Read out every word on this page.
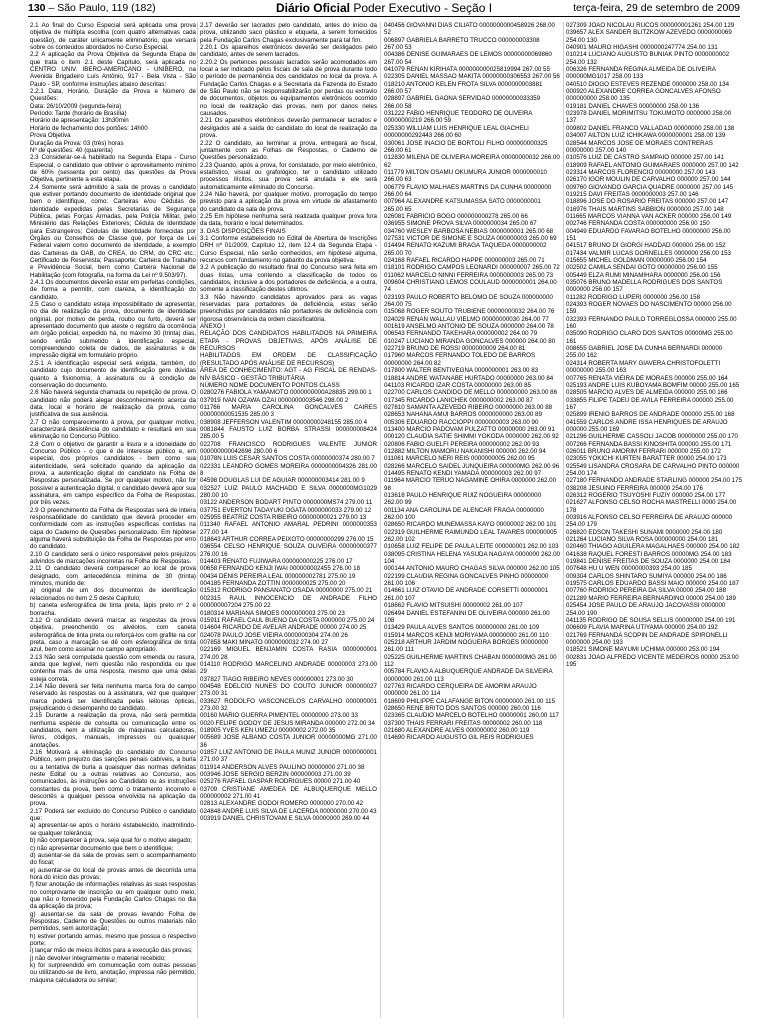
130 – São Paulo, 119 (182)	Diário Oficial Poder Executivo - Seção I	terça-feira, 29 de setembro de 2009

2.1 Ao final do Curso Especial será aplicada uma prova objetiva de múltipla escolha (com quatro alternativas cada questão), de caráter unicamente eliminatório, que versará sobre os conteúdos abordados no Curso Especial.

2.2 A aplicação da Prova Objetiva da Segunda Etapa de que trata o item 2.1 deste Capítulo, será aplicada no CENTRO UNIV. IBERO-AMERICANO - UNIBERO, na Avenida Brigadeiro Luís Antônio, 917 - Bela Vista - São Paulo - SP, conforme instruções abaixo descritas:

2.2.1 Data, Horário, Duração da Prova e Número de Questões:

Data: 26/10/2009 (segunda-feira)

Período: Tarde (horário de Brasília)

Horário de apresentação: 13h30min

Horário de fechamento dos portões: 14h00

Prova Objetiva

Duração da Prova: 03 (três) horas

Nº de questões: 40 (quarenta)

2.3 Considerar-se-á habilitado na Segunda Etapa - Curso Especial, o candidato que obtiver o aproveitamento mínimo de 60% (sessenta por cento) das questões da Prova Objetiva, pertinente a esta etapa.

2.4 Somente será admitido à sala de provas o candidato que estiver portando documento de identidade original que bem o identifique, como: Carteiras e/ou Cédulas de Identidade expedidas pelas Secretarias de Segurança Pública, pelas Forças Armadas, pela Polícia Militar, pelo Ministério das Relações Exteriores; Cédula de Identidade para Estrangeiros; Cédulas de Identidade fornecidas por Órgãos ou Conselhos de Classe que, por força de Lei Federal valem como documento de identidade, a exemplo das Carteiras da OAB, do CREA, do CRM, do CRC etc.; Certificado de Reservista; Passaporte; Carteira de Trabalho e Previdência Social, bem como Carteira Nacional de Habilitação (com fotografia, na forma da Lei nº 9.503/97).

2.4.1 Os documentos deverão estar em perfeitas condições, de forma a permitir, com clareza, a identificação do candidato.

2.5 Caso o candidato esteja impossibilitado de apresentar, no dia de realização da prova, documento de identidade original, por motivo de perda, roubo ou furto, deverá ser apresentado documento que ateste o registro da ocorrência em órgão policial, expedido há, no máximo 30 (trinta) dias, sendo então submetido à identificação especial, compreendendo coleta de dados, de assinaturas e de impressão digital em formulário próprio.

2.5.1 A identificação especial será exigida, também, do candidato cujo documento de identificação gere dúvidas quanto à fisionomia, à assinatura ou à condição de conservação do documento.

2.6 Não haverá segunda chamada ou repetição de prova. O candidato não poderá alegar desconhecimento acerca da data, local e horário de realização da prova, como justificativa de sua ausência.

2.7 O não comparecimento à prova, por qualquer motivo, caracterizará desistência do candidato e resultará em sua eliminação no Concurso Público.

2.8 Com o objetivo de garantir a lisura e a idoneidade do Concurso Público - o que é de interesse público e, em especial, dos próprios candidatos - bem como sua autenticidade, será solicitado quando da aplicação da prova, a autenticação digital do candidato na Folha de Respostas personalizada. Se por qualquer motivo, não for possível a autenticação digital, o candidato deverá apor sua assinatura, em campo específico da Folha de Respostas, por três vezes.

2.9 O preenchimento da Folha de Respostas será de inteira responsabilidade do candidato que deverá proceder em conformidade com as instruções específicas contidas na capa do Caderno de Questões personalizado. Em hipótese alguma haverá substituição da Folha de Respostas por erro do candidato.

2.10 O candidato será o único responsável pelos prejuízos advindos de marcações incorretas na Folha de Respostas.

2.11 O candidato deverá comparecer ao local de prova designado, com antecedência mínima de 30 (trinta) minutos, munido de:

a) original de um dos documentos de identificação relacionados no item 2.5 deste Capítulo;

b) caneta esferográfica de tinta preta, lápis preto nº 2 e borracha.

2.12 O candidato deverá marcar as respostas da prova objetiva, preenchendo os alvéolos, com caneta esferográfica de tinta preta ou reforçá-los com grafite na cor preta, caso a marcação se dê com esferográfica de tinta azul, bem como assinar no campo apropriado.

2.13 Não será computada questão com emenda ou rasura, ainda que legível, nem questão não respondida ou que contenha mais de uma resposta, mesmo que uma delas esteja correta.

2.14 Não deverá ser feita nenhuma marca fora do campo reservado às respostas ou à assinatura, vez que qualquer marca poderá ser identificada pelas leitoras ópticas, prejudicando o desempenho do candidato.

2.15 Durante a realização da prova, não será permitida nenhuma espécie de consulta ou comunicação entre os candidatos, nem a utilização de máquinas calculadoras, livros, códigos, manuais, impressos ou quaisquer anotações.

2.16 Motivará a eliminação do candidato do Concurso Público, sem prejuízo das sanções penais cabíveis, a burla ou a tentativa de burla a quaisquer das normas definidas neste Edital ou a outras relativas ao Concurso, aos comunicados, às instruções ao Candidato ou às instruções constantes da prova, bem como o tratamento incorreto e descortês a qualquer pessoa envolvida na aplicação da prova.

2.17 Poderá ser excluído do Concurso Público o candidato que:

a) apresentar-se após o horário estabelecido, inadmitindo-se qualquer tolerância;

b) não comparecer à prova, seja qual for o motivo alegado;

c) não apresentar documento que bem o identifique;

d) ausentar-se da sala de provas sem o acompanhamento do fiscal;

e) ausentar-se do local de provas antes de decorrida uma hora do início das provas;

f) fizer anotação de informações relativas às suas respostas no comprovante de inscrição ou em qualquer outro meio, que não o fornecido pela Fundação Carlos Chagas no dia da aplicação da prova;

g) ausentar-se da sala de provas levando Folha de Respostas, Caderno de Questões ou outros materiais não permitidos, sem autorização;

h) estiver portando armas, mesmo que possua o respectivo porte;

i) lançar mão de meios ilícitos para a execução das provas;

j) não devolver integralmente o material recebido;

k) for surpreendido em comunicação com outras pessoas ou utilizando-se de livro, anotação, impressa não permitido, máquina calculadora ou similar;

2.17 deverão ser lacrados pelo candidato, antes do início da prova, utilizando saco plástico e etiqueta, a serem fornecidos pela Fundação Carlos Chagas exclusivamente para tal fim.

2.20.1 Os aparelhos eletrônicos deverão ser desligados pelo candidato, antes de serem lacrados.

2.20.2 Os pertences pessoais lacrados serão acomodados em local a ser indicado pelos fiscais de sala de prova durante todo o período de permanência dos candidatos no local da prova. A Fundação Carlos Chagas e a Secretaria da Fazenda do Estado de São Paulo não se responsabilizarão por perdas ou extravio de documentos, objetos ou equipamentos eletrônicos ocorrido no local de realização das provas, nem por danos neles causados.

2.21 Os aparelhos eletrônicos deverão permanecer lacrados e desligados até a saída do candidato do local de realização da prova.

2.22 O candidato, ao terminar a prova, entregará ao fiscal, juntamente com as Folhas de Respostas, o Caderno de Questões personalizado.

2.23 Quando, após a prova, for constatado, por meio eletrônico, estatístico, visual ou grafológico, ter o candidato utilizado processos ilícitos, sua prova será anulada e ele será automaticamente eliminado do Concurso.

2.24 Não haverá, por qualquer motivo, prorrogação do tempo previsto para a aplicação da prova em virtude de afastamento do candidato da sala de prova.

2.25 Em hipótese nenhuma será realizada qualquer prova fora da data, horário e local determinados.

3. DAS DISPOSIÇÕES FINAIS

3.1 Conforme estabelecido no Edital de Abertura de Inscrições DRH nº 01/2009, Capítulo 12, item 12.4 da Segunda Etapa - Curso Especial, não serão conhecidos, em hipótese alguma, recursos com fundamento no gabarito da prova objetiva.

3.2 A publicação do resultado final do Concurso será feita em duas listas, uma contendo a classificação de todos os candidatos, inclusive a dos portadores de deficiência, e a outra, somente a classificação destes últimos.

3.3 Não havendo candidatos aprovados para as vagas reservadas para portadores de deficiência, estas serão preenchidas por candidatos não portadores de deficiência com rigorosa observância da ordem classificatória.

ANEXO I

RELAÇÃO DOS CANDIDATOS HABILITADOS NA PRIMEIRA ETAPA - PROVAS OBJETIVAS, APÓS ANÁLISE DE RECURSOS

HABILITADOS EM ORDEM DE CLASSIFICAÇÃO (RESULTADO APÓS ANÁLISE DE RECURSOS)

ÁREA DE CONHECIMENTO: AGT - AG FISCAL DE RENDAS-NÍV BÁSICO - GESTÃO TRIBUTÁRIA

NÚMERO NOME DOCUMENTO PONTOS CLASS

0280276 FABIOLA YAMAMOTO 0000000000A28835 299.00 1

037919 IVAN OZAWA OZAI 0000000003546 298.00 2

011766 MARIA CAROLINA GONCALVES CAIRES 00000000051535 285.00 3

038908 JEFFERSON VALENTIM 00000000248155 285.00 4

0081844 FAUSTO LUIZ BORBA STRASSI 000000008424 285.00 5

022708 FRANCISCO RODRIGUES VALENTE JUNIOR 000000000042696 280.00 6

01078N LUIS CESAR SANTOS COSTA 00000000374 280.00 7

022331 LEANDRO GOMES MOREIRA 0000000004326 281.00 8

04598 DOUGLAS LUI DE AGUIAR 000000003414 281.00 9

032527 LUIZ PAULO MACHADO E SILVA 0000000MG1029 280.00 10

03122 ANDERSON BODART PINTO 0000000MS74 279.00 11

037751 EVERTON TADAYUKI OGATA 0000000033 279.00 12

025955 BEATRIZ COSTA RIBEIRO 00000000021 279.00 13

011340 RAFAEL ANTONIO AMARAL PEDRINI 0000000353 277.00 14

018643 ARTHUR CORREA PEIXOTO 00000000299 276.00 15

036554 CELSO HENRIQUE SOUZA OLIVEIRA 00000000377 276.00 16

014403 RENATO FUJIWARA 000000000225 276.00 17

00658 FERNANDO KENJI IWAI 000000002455 276.00 18

00434 DENIS PEREIRA LEAL 000000002781 275.00 19

004185 FERNANDA ZOTTIN 0000000025 275.00 20

015312 RODRIGO PANSANATO OSADA 00000000 275.00 21

002315 RAUL INNOCENCIO DE ANDRADE FILHO 000000007204 275.00 22

0180314 MARIANA SIMOES 0000000003 275.00 23

015911 RAFAEL CAUL BUENO DA COSTA 0000000 275.00 24

014604 RICARDO DE AVELAR ANDRADE 00000 274.00 25

024078 PAULO JOSE VIEIRA 0000000304 274.00 26

007858 MAKI MINATO 0000000032 274.00 27

022169 MIGUEL BENJAMIN COSTA RASIA 0000000001 274.00 28

014110 RODRIGO MARCELINO ANDRADE 00000003 273.00 29

037827 TIAGO RIBEIRO NEVES 000000001 273.00 30

004548 EDELCIO NUNES DO COUTO JUNIOR 000000027 273.00 31

033627 RODOLFO VASCONCELOS CARVALHO 000000001 273.00 32

00160 MARIO GUERRA PIMENTEL 00000000 273.00 33

0020 FELIPE GODOY DE JESUS MIRANDA 000000 272.00 34

018905 YVES KEN UMEZU 00000002 272.00 35

005689 JOSE ALBANO COSTA JUNIOR 00000000MG 271.00 36

01857 LUIZ ANTONIO DE PAULA MUNIZ JUNIOR 0000000001 271.00 37

011914 ANDERSON ALVES PAULINO 00000000 271.00 38

003946 JOSE SERGIO BERZIN 000000003 271.00 39

025276 RAFAEL GASPAR RODRIGUES 00000 271.00 40

03709 CRISTIANE AMEDEA DE ALBUQUERQUE MELLO 000000002 271.00 41

02813 ALEXANDRE GODOI ROMERO 0000000 270.00 42

024848 ANDRE LUIS SILVA DE LACERDA 00000000 270.00 43

003919 DANIEL CHRISTOVAM E SILVA 00000000 269.00 44

040456 GIOVANNI DIAS CILIATO 0000000000458926 268.00 52

006897 GABRIELA BARRETO TRUCCO 000000003308 267.00 53

004386 DENISE GUIMARAES DE LEMOS 00000000069860 267.00 54

041079 RENAN KIRIHATA 000000000025819994 267.00 55

022305 DANIEL MASSAO MAKITA 00000000306553 267.00 56

018210 ANTONIO KELEN FROTA SILVA 0000000003881 266.00 57

028897 GABRIEL GAONA SERVIDAO 00000000033359 266.00 58

031222 FABIO HENRIQUE TEODORO DE OLIVEIRA 00000000219 266.00 59

025330 WILLIAM LUIS HENRIQUE LEAL GIACHELI 00000000292443 266.00 60

030061 JOSE INACIO DE BORTOLI FILHO 000000000325 266.00 61

012830 MILENA DE OLIVEIRA MOREIRA 00000000032 266.00 62

011779 MILTON OSAMU OKUMURA JUNIOR 0000000010 266.00 63

006779 FLAVIO MALHAES MARTINS DA CUNHA 00000000 266.00 64

007964 ALEXANDRE KATSUMASSA SATO 0000000001 265.00 65

026081 FABRICIO BOGO 000000000278 265.00 66

036955 SIMONE PROVA SILVA 0000000034 265.00 67

034760 WESLEY BARBOSA NEBIAS 0000000001 265.00 68

027531 VICTOR DE SIMONE E SOUZA 000000003 265.00 69

014494 RENATO KAZUMI BRAGA TAQUEDA 0000000002 265.00 70

024168 RAFAEL RICARDO HAPPE 000000003 265.00 71

018101 RODRIGO CAMPOS LEONARDI 000000007 265.00 72

011062 MARCELO NINNI FERREIRA 0000000003 265.00 73

009604 CHRISTIANO LEMOS COULAUD 0000000001 264.00 74

023193 PAULO ROBERTO BELOMO DE SOUZA 000000000 264.00 75

015068 ROGER SOUTO TRUBIENE 00000000032 264.00 76

024029 RENAN WALLAU VIELMO 00000000030 264.00 77

001619 ANSELMO ANTONIO DE SOUZA 0000000 264.00 78

006543 FERNANDO TAKEHARA 000000002 264.00 79

010247 LUCIANO MIRANDA GONCALVES 000000 264.00 80

022719 BRUNO DE ROSSI 0000000009 264.00 81

017960 MARCOS FERNANDO TOLEDO DE BARROS 00000000 264.00 82

017800 WALTER BENTIVEGNA 0000000001 263.00 83

018814 ANDRE WATANABE HURTADO 00000000 263.00 84

041103 RICARDO IZAR COSTA 00000000 263.00 85

022700 CARLOS CANDIDO DE MELLO 000000000 263.00 86

017345 RICARDO LANICHEK 0000000002 263.00 87

027810 SAMANTA AZEVEDO RIBEIRO 00000000 263.00 88

028653 NAHANA AMUI BARROS 0000000000 263.00 89

005306 EDUARDO RACCIOPPI 0000000003 263.00 90

013400 MARCIO PADOVAM PULZATTO 00000000 263.00 91

000120 CLAUDIA SATIE SHIMMI YOKODA 0000000 262.00 92

020806 FABIO GUELFI PEREIRA 000000002 262.00 93

012882 MILTON MAMORU NAKANISHI 000000 262.00 94

011061 MARCELO NERI REIS 0000000005 262.00 95

028266 MARCELO SAIDEL JUNQUEIRA 000000MG 262.00 96

014495 RENATO KENDI YAMADA 000000003 262.00 97

011964 MARCIO TERUO NAGAMINE OHIRA 0000000 262.00 98

013618 PAULO HENRIQUE RUIZ NOGUEIRA 00000000 262.00 99

001134 ANA CAROLINA DE ALENCAR FRAGA 00000000 262.00 100

028650 RICARDO MUNEMASSA KAYO 00000002 262.00 101

022319 GUILHERME RAIMUNDO LEAL TAVARES 000000005 262.00 102

010658 LUIZ FELIPE DE PAULA LEITE 000000001 262.00 103

038095 CRISTINA HELENA YASUDA NAGAYA 0000000 262.00 104

000144 ANTONIO MAURO CHAGAS SILVA 000000 262.00 105

022199 CLAUDIA REGINA GONCALVES PINHO 00000000 261.00 106

014661 LUIZ OTAVIO DE ANDRADE CORSETTI 00000001 261.00 107

018662 FLAVIO MITSUISHI 00000002 261.00 107

026494 DANIEL ESTEFANINI DE OLIVEIRA 000000 261.00 108

013429 PAULA ALVES SANTOS 000000000 261.00 109

015914 MARCOS KENJI MORIYAMA 00000000 261.00 110

025218 ARTHUR JARDIM NOGUEIRA BORGES 00000000 261.00 111

025225 GUILHERME MARTINS CHABAN 0000000MG 261.00 112

005784 FLAVIO A ALBUQUERQUE ANDRADE DA SILVEIRA 00000000 261.00 113

027763 RICARDO CERQUEIRA DE AMORIM ARAUJO 0000000 261.00 114

018609 PHILIPPE CALAFANGE BITON 00000000 261.00 115

028650 RENE BRITO DOS SANTOS 000000 260.00 116

023365 CLAUDIO MARCELO BOTELHO 00000001 260.00 117

037300 THAIS FERRARI FREITAS 00000002 260.00 118

021680 ALEXANDRE ALVES 000000002 260.00 119

014690 RICARDO AUGUSTO GIL REIS RODRIGUES

027309 JOAO NICOLAU RUCOS 000000001261 254.00 129

039657 ALEX SANDER BLITZKOW AZEVEDO 0000000069 254.00 130

040901 MAURO HIGASHI 0000000247774 254.00 131

010214 LUCIANO AUGUSTO BUNIAK PINTO 0000000002 254.00 132

006326 FERNANDA REGINA ALMEIDA DE OLIVEIRA 000000MG1017 258.00 133

040510 DIOGO ESTEVES REZENDE 0000000 258.00 134

000920 ALEXANDRE CORREA GONCALVES AFONSO 000000000 258.00 135

019181 DANIEL CHAVES 00000000 258.00 136

023978 DANIEL MORIMITSU TOKUMOTO 0000000 258.00 137

009802 DANIEL FRANCO VALLADAO 00000000 258.00 138

034007 AILTON LUIZ ICHIKAWA 0000000001 258.00 139

028544 MARCOS JOSE DE MORAES CONTRERAS 00000000 257.00 140

010576 LUIZ DE CASTRO SAMPAIO 000000 257.00 141

018909 RAFAEL ANTONIO GUIMARAES 0000000 257.00 142

023314 MARCOS FLORENCIO 00000000 257.00 143

026170 IGOR MOULIN DE CARVALHO 000000 257.00 144

009760 GIOVANDO GARCIA QUADRE 0000000 257.00 145

019215 DAVI FREITAS 0000000003 257.00 146

018896 JOSE DO ROSARIO FREITAS 000000 257.00 147

016976 THAIS MARTINS SABBION 0000000 257.00 148

011665 MARCOS VIANNA VAN ACKER 000000 256.00 149

002746 FERNANDA COSTA 000000000 256.00 150

004949 EDUARDO FAVARAO BOTELHO 00000000 256.00 151

041517 BRUNO DI GIORGI HADDAD 000000 256.00 152

017434 VALMIR LUCAS DORNELLES 0000000 256.00 153

015655 MICHEL GOLDMAN 00000000 256.00 154

002502 CAMILA SENDAI GOTO 00000000 256.00 155

005449 ELZA RUMI MINAMIHARA 0000000 256.00 156

035076 BRUNO MADELLA RODRIGUES DOS SANTOS 0000000 256.00 157

011282 RODRIGO LUPERI 0000000 256.00 158

024393 ROGER NOVAES DO NASCIMENTO 00000 256.00 159

032393 FERNANDO PAULO TORREGLOSSA 000000 255.00 160

035090 RODRIGO CLARO DOS SANTOS 00000MG 255.00 161

008655 GABRIEL JOSE DA CUNHA BERNARDI 000000 255.00 162

024314 ROBERTA MARY GIAVERA CHRISTOFOLETTI 00000000 255.00 163

007765 RENATA VIEIRA DE MORAES 000000 255.00 164

025193 ANDRE LUIS KUBOYAMA BOMFIM 00000 255.00 165

028505 MARCIO ALVES DE ALMEIDA 000000 255.00 166

033855 FILIPE TADEU DE AVILA FERREIRA 000000 255.00 167

025899 IRENIO BARROS DE ANDRADE 000000 255.00 168

041559 CARLOS ANDRE ISSA HENRIQUES DE ARAUJO 000000 255.00 169

021296 GUILHERME CASSOLI JACOB 00000000 255.00 170

007266 FERNANDA BASSI KINOSHITA 000000 255.00 171

026011 BRUNO AMORIM FERRARI 000000 255.00 172

023055 YOKICHI KURTEN BARATTER 00000 254.00 173

025549 LISANDRA CROSARA DE CARVALHO PINTO 000000 254.00 174

027180 FERNANDO ANDRADE STARLING 000000 254.00 175

038208 JESUINO FERREIRA 000000 254.00 176

026312 ROGERIO TSUYOSHI FUZIY 000000 254.00 177

021627 ALFONSO CELSO ROCHA MASTRELLI 0000 254.00 178

003916 ALFONSO CELSO FERREIRA DE ARAUJO 000000 254.00 179

026820 EDSON TAKESHI SUNAMI 0000000 254.00 180

021264 LUCIANO SILVA ROSA 000000000 254.00 181

020460 THIAGO AGUILERA MAGALHAES 000000 254.00 182

041638 RAQUEL FORESTI BARROS 00000MG 254.00 183

019841 DENISE FREITAS DE SOUZA 0000000 254.00 184

007648 HU U WEN 00000000393 254.00 185

009304 CARLOS SHINTARO SUMIYA 000000 254.00 186

019575 CARLOS EDUARDO BASSI MAIO 000000 254.00 187

007760 RODRIGO PEREIRA DA SILVA 00000 254.00 188

021289 MARIO FERREIRA BERNARDINO 00000 254.00 189

025454 JOSE PAULO DE ARAUJO JACOVASSI 0000000 254.00 190

041135 RODRIGO DE SOUSA SELLIS 00000000 254.00 191

006609 FLAVIA MARINA UTIYAMA 000000 254.00 192

021769 FERNANDA SCOPIN DE ANDRADE SPIRONELLI 0000000 254.00 193

018521 SIMONE MAYUMI UCHIMA 000000 253.00 194

002831 JOAO ALFREDO VICENTE MEDEIROS 00000 253.00 195
